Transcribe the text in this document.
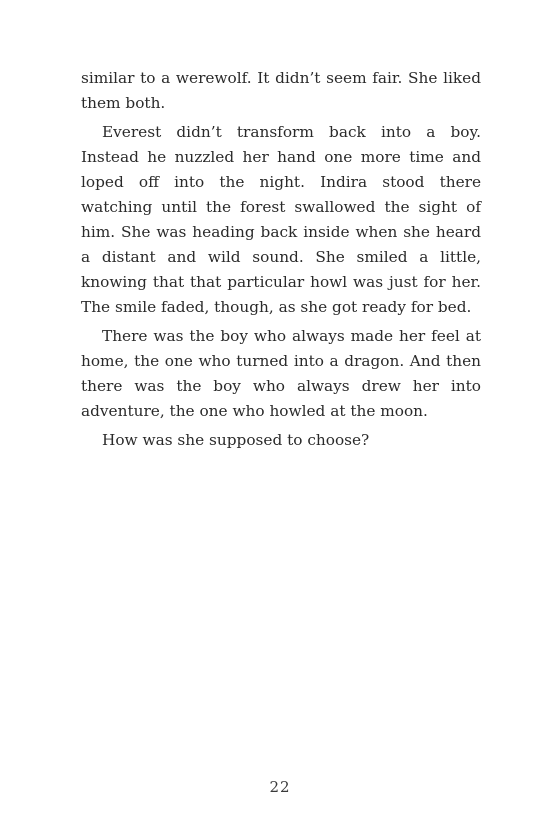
similar to a werewolf. It didn’t seem fair. She liked them both.

Everest didn’t transform back into a boy. Instead he nuzzled her hand one more time and loped off into the night. Indira stood there watching until the forest swallowed the sight of him. She was heading back inside when she heard a distant and wild sound. She smiled a little, knowing that that particular howl was just for her. The smile faded, though, as she got ready for bed.

There was the boy who always made her feel at home, the one who turned into a dragon. And then there was the boy who always drew her into adventure, the one who howled at the moon.

How was she supposed to choose?

22
